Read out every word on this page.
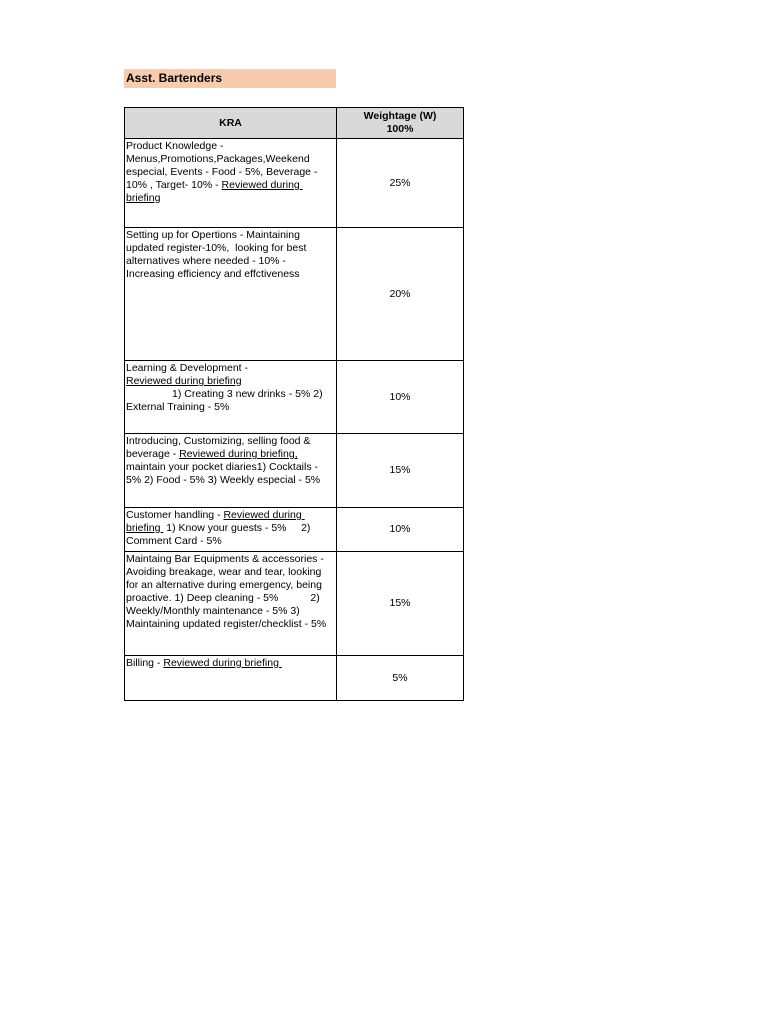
Asst. Bartenders
KRA	Weightage (W)
100%

Product Knowledge - Menus,Promotions,Packages,Weekend especial, Events - Food - 5%, Beverage - 10% , Target- 10% - Reviewed during briefing	25%
Setting up for Opertions - Maintaining updated register-10%,  looking for best alternatives where needed - 10% - Increasing efficiency and effctiveness	20%
Learning & Development -
Reviewed during briefing
1) Creating 3 new drinks - 5% 2) External Training - 5%	10%
Introducing, Customizing, selling food & beverage - Reviewed during briefing, maintain your pocket diaries1) Cocktails - 5% 2) Food - 5% 3) Weekly especial - 5%	15%
Customer handling - Reviewed during briefing  1) Know your guests - 5%     2) Comment Card - 5%	10%
Maintaing Bar Equipments & accessories - Avoiding breakage, wear and tear, looking for an alternative during emergency, being proactive. 1) Deep cleaning - 5%           2) Weekly/Monthly maintenance - 5% 3) Maintaining updated register/checklist - 5%	15%
Billing - Reviewed during briefing	5%
